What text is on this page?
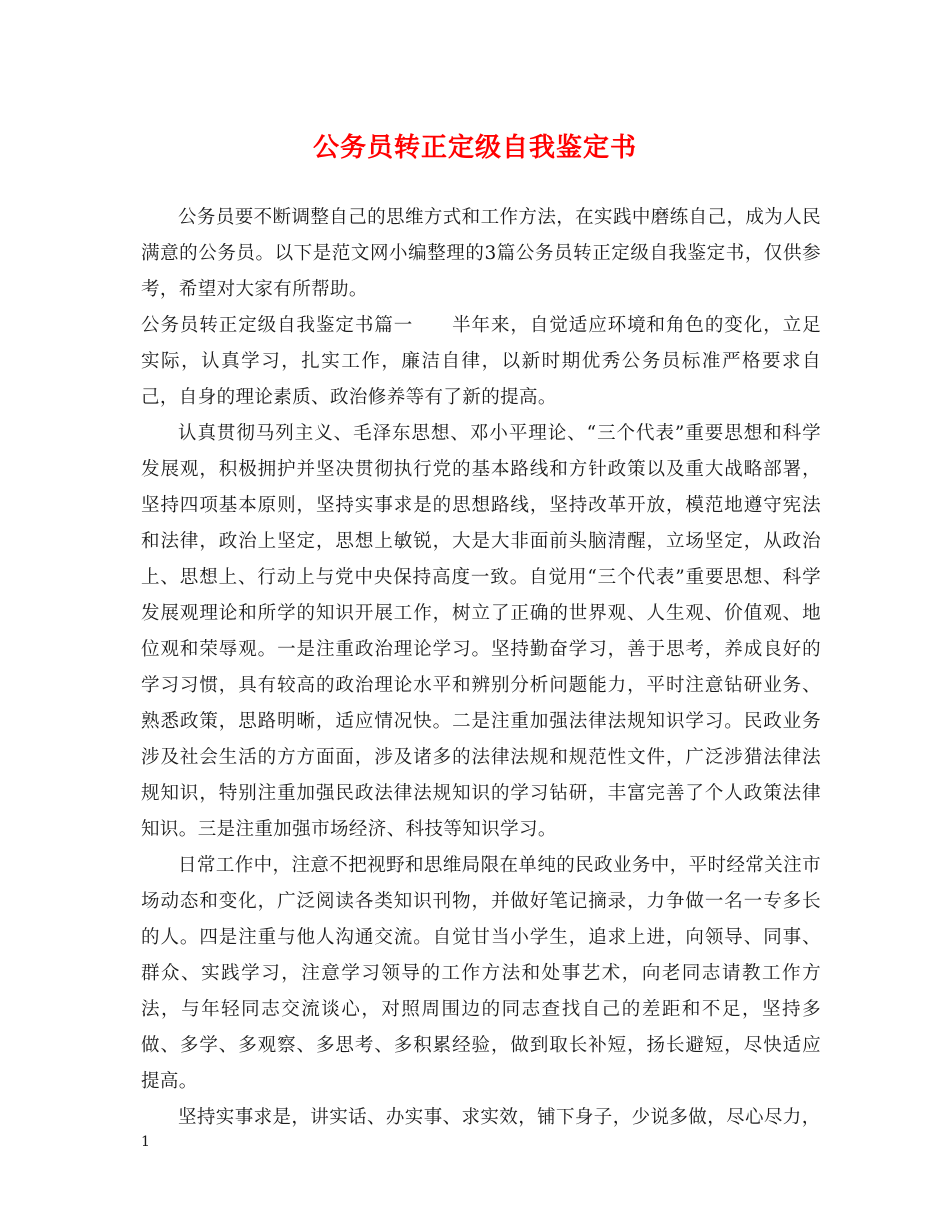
公务员转正定级自我鉴定书

公务员要不断调整自己的思维方式和工作方法，在实践中磨练自己，成为人民满意的公务员。以下是范文网小编整理的3篇公务员转正定级自我鉴定书，仅供参考，希望对大家有所帮助。

公务员转正定级自我鉴定书篇一　　半年来，自觉适应环境和角色的变化，立足实际，认真学习，扎实工作，廉洁自律，以新时期优秀公务员标准严格要求自己，自身的理论素质、政治修养等有了新的提高。

认真贯彻马列主义、毛泽东思想、邓小平理论、“三个代表”重要思想和科学发展观，积极拥护并坚决贯彻执行党的基本路线和方针政策以及重大战略部署，坚持四项基本原则，坚持实事求是的思想路线，坚持改革开放，模范地遵守宪法和法律，政治上坚定，思想上敏锐，大是大非面前头脑清醒，立场坚定，从政治上、思想上、行动上与党中央保持高度一致。自觉用“三个代表”重要思想、科学发展观理论和所学的知识开展工作，树立了正确的世界观、人生观、价值观、地位观和荣辱观。一是注重政治理论学习。坚持勤奋学习，善于思考，养成良好的学习习惯，具有较高的政治理论水平和辨别分析问题能力，平时注意钻研业务、熟悉政策，思路明晰，适应情况快。二是注重加强法律法规知识学习。民政业务涉及社会生活的方方面面，涉及诸多的法律法规和规范性文件，广泛涉猎法律法规知识，特别注重加强民政法律法规知识的学习钻研，丰富完善了个人政策法律知识。三是注重加强市场经济、科技等知识学习。

日常工作中，注意不把视野和思维局限在单纯的民政业务中，平时经常关注市场动态和变化，广泛阅读各类知识刊物，并做好笔记摘录，力争做一名一专多长的人。四是注重与他人沟通交流。自觉甘当小学生，追求上进，向领导、同事、群众、实践学习，注意学习领导的工作方法和处事艺术，向老同志请教工作方法，与年轻同志交流谈心，对照周围边的同志查找自己的差距和不足，坚持多做、多学、多观察、多思考、多积累经验，做到取长补短，扬长避短，尽快适应提高。

坚持实事求是，讲实话、办实事、求实效，铺下身子，少说多做，尽心尽力，

1
